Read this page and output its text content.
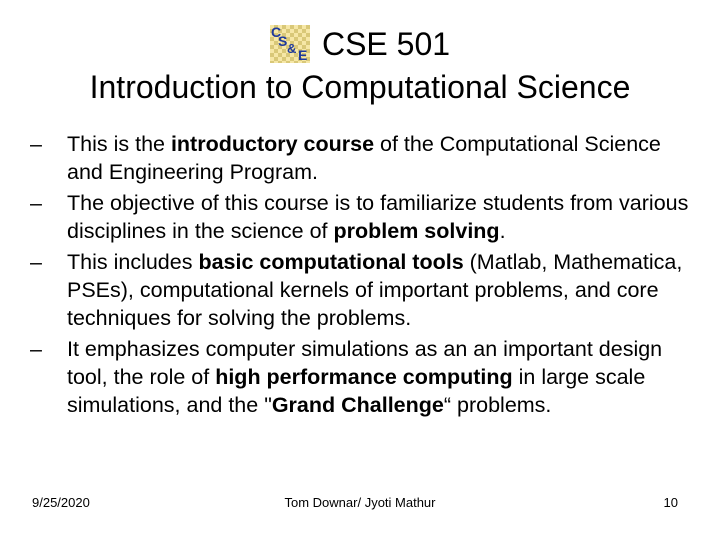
C
S & E CSE 501
Introduction to Computational Science
– This is the introductory course of the Computational Science and Engineering Program.
– The objective of this course is to familiarize students from various disciplines in the science of problem solving.
– This includes basic computational tools (Matlab, Mathematica, PSEs), computational kernels of important problems, and core techniques for solving the problems.
– It emphasizes computer simulations as an an important design tool, the role of high performance computing in large scale simulations, and the "Grand Challenge“ problems.
9/25/2020	Tom Downar/ Jyoti Mathur	10
